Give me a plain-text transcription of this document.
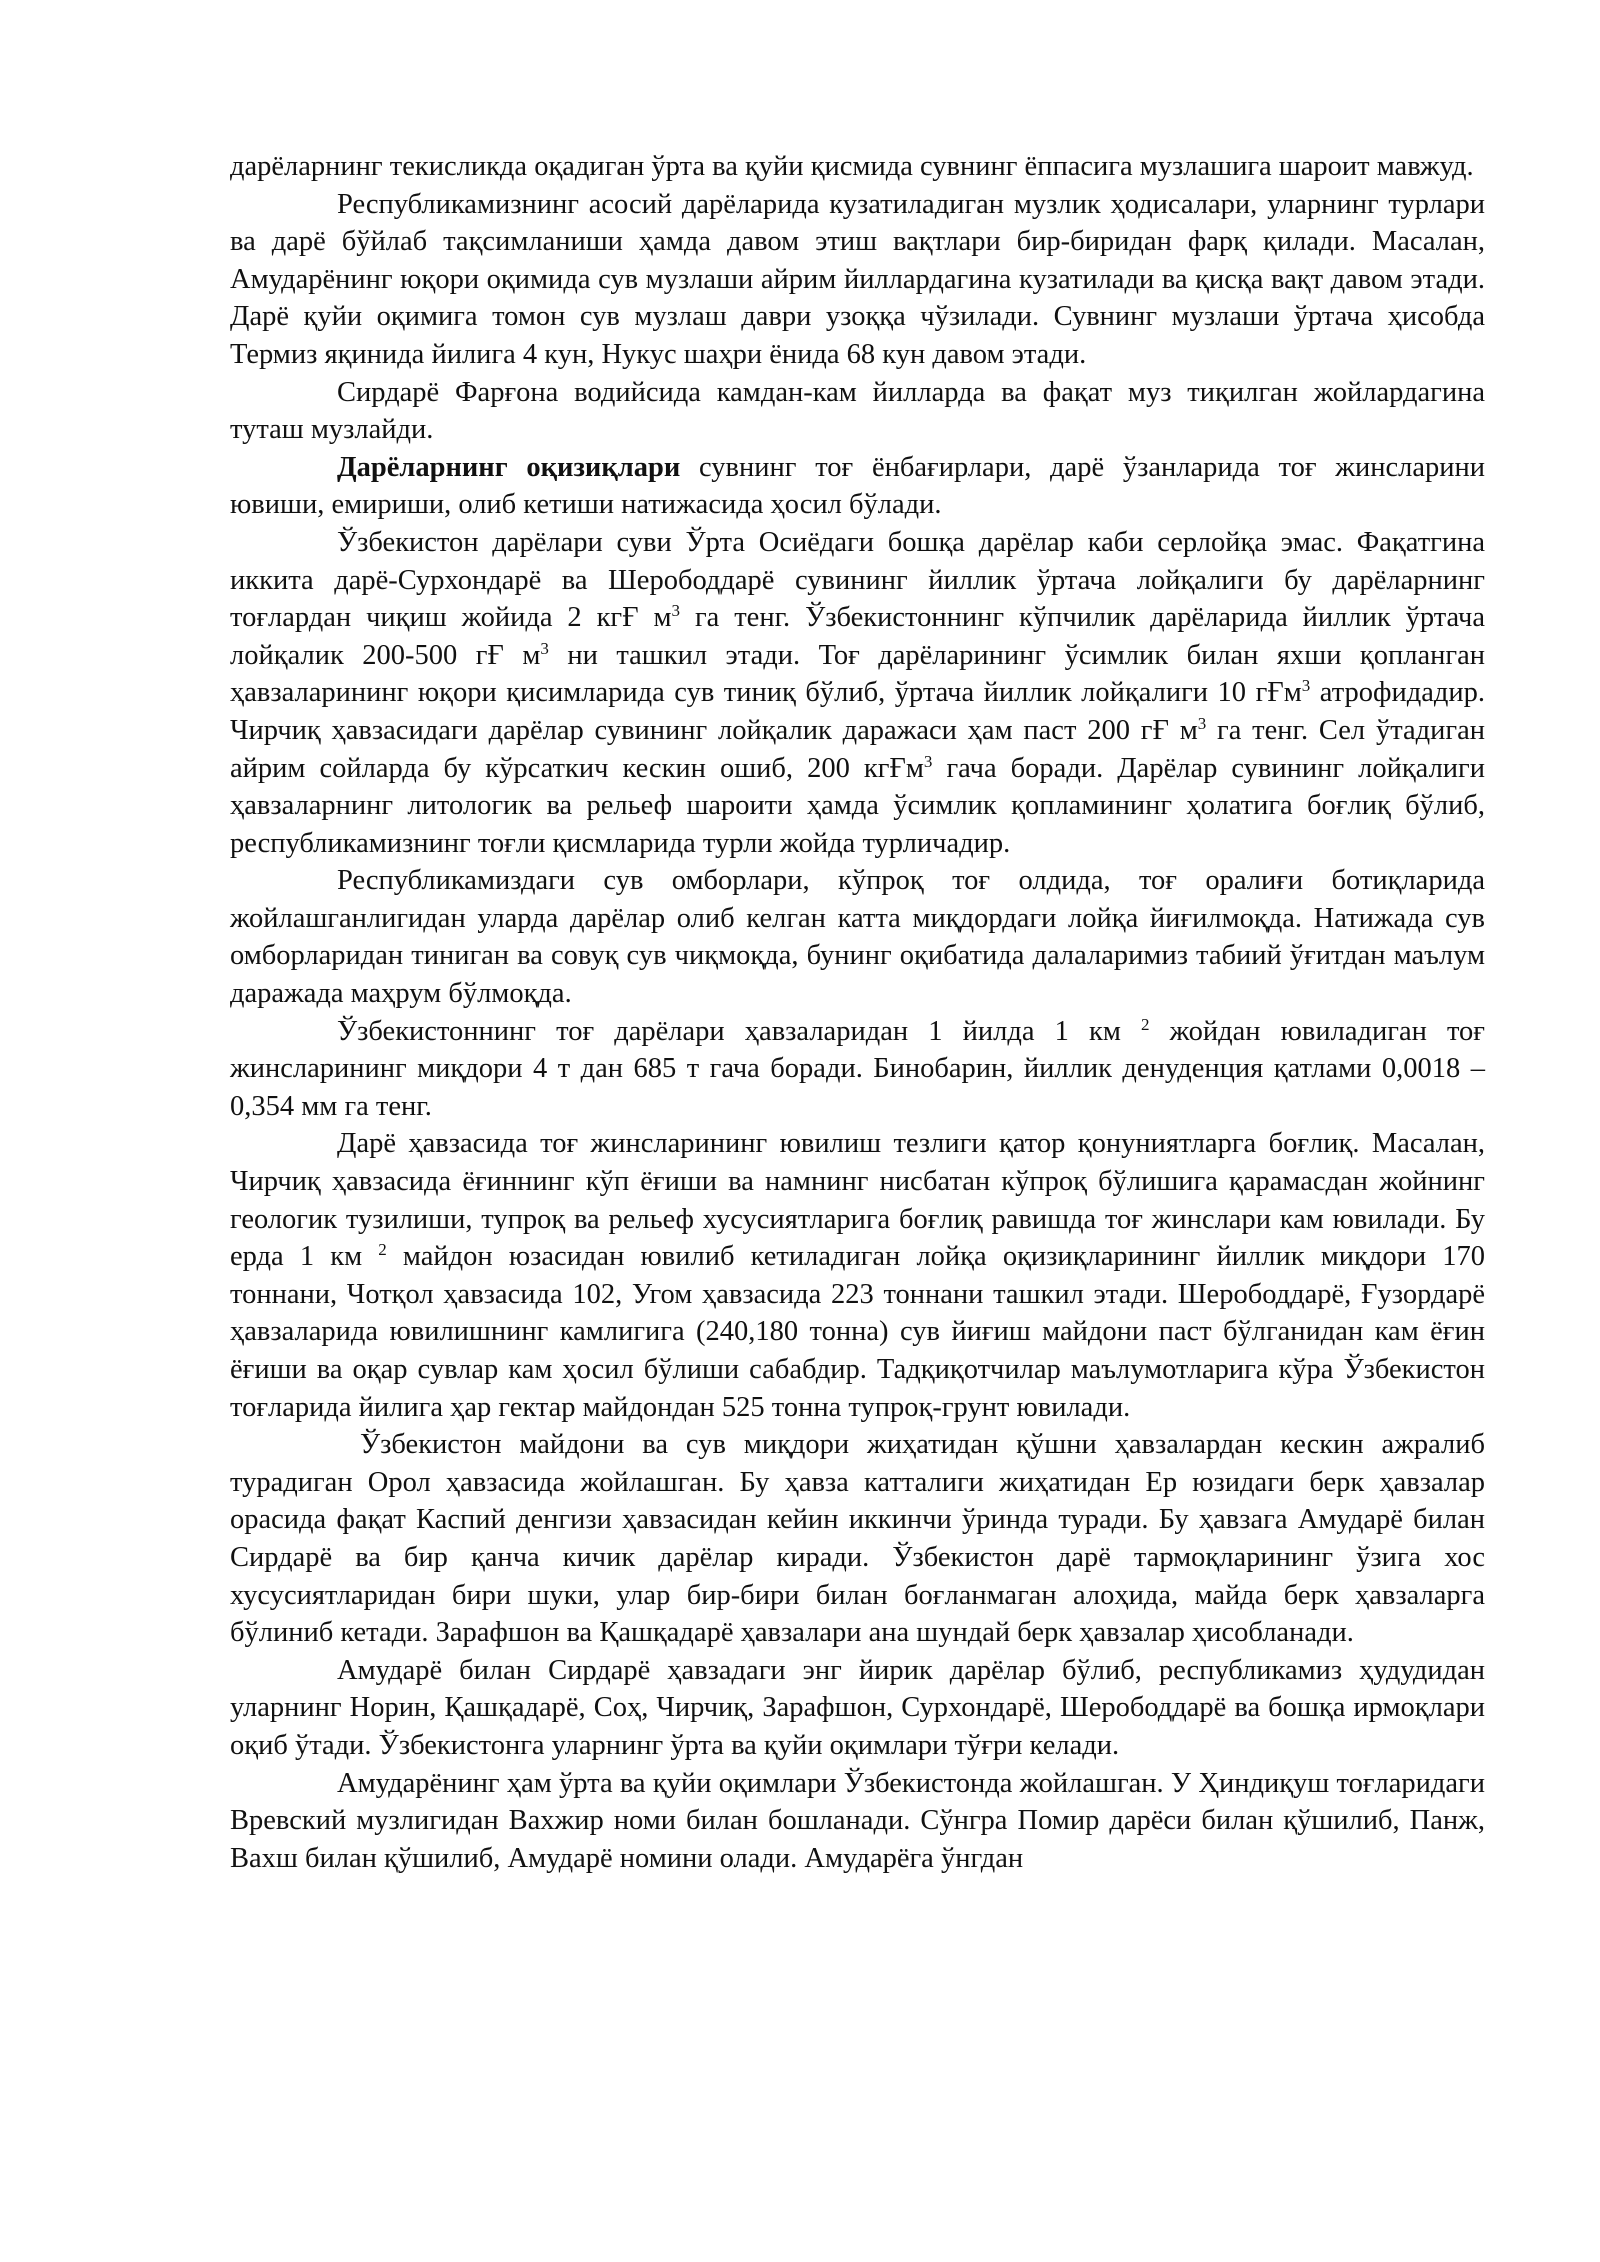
дарёларнинг текисликда оқадиган ўрта ва қуйи қисмида сувнинг ёппасига музлашига шароит мавжуд.

Республикамизнинг асосий дарёларида кузатиладиган музлик ҳодисалари, уларнинг турлари ва дарё бўйлаб тақсимланиши ҳамда давом этиш вақтлари бир-биридан фарқ қилади. Масалан, Амударёнинг юқори оқимида сув музлаши айрим йиллардагина кузатилади ва қисқа вақт давом этади. Дарё қуйи оқимига томон сув музлаш даври узоққа чўзилади. Сувнинг музлаши ўртача ҳисобда Термиз яқинида йилига 4 кун, Нукус шаҳри ёнида 68 кун давом этади.

Сирдарё Фарғона водийсида камдан-кам йилларда ва фақат муз тиқилган жойлардагина туташ музлайди.

Дарёларнинг оқизиқлари сувнинг тоғ ёнбағирлари, дарё ўзанларида тоғ жинсларини ювиши, емириши, олиб кетиши натижасида ҳосил бўлади.

Ўзбекистон дарёлари суви Ўрта Осиёдаги бошқа дарёлар каби серлойқа эмас. Фақатгина иккита дарё-Сурхондарё ва Шерободдарё сувининг йиллик ўртача лойқалиги бу дарёларнинг тоғлардан чиқиш жойида 2 кгҒ $м^3$ га тенг. Ўзбекистоннинг кўпчилик дарёларида йиллик ўртача лойқалик 200-500 гҒ $м^3$ ни ташкил этади. Тоғ дарёларининг ўсимлик билан яхши қопланган ҳавзаларининг юқори қисимларида сув тиниқ бўлиб, ўртача йиллик лойқалиги 10 гҒм$^3$ атрофидадир. Чирчиқ ҳавзасидаги дарёлар сувининг лойқалик даражаси ҳам паст 200 гҒ $м^3$ га тенг. Сел ўтадиган айрим сойларда бу кўрсаткич кескин ошиб, 200 кгҒм$^3$ гача боради. Дарёлар сувининг лойқалиги ҳавзаларнинг литологик ва рельеф шароити ҳамда ўсимлик қопламининг ҳолатига боғлиқ бўлиб, республикамизнинг тоғли қисмларида турли жойда турличадир.

Республикамиздаги сув омборлари, кўпроқ тоғ олдида, тоғ оралиғи ботиқларида жойлашганлигидан уларда дарёлар олиб келган катта миқдордаги лойқа йиғилмоқда. Натижада сув омборларидан тиниган ва совуқ сув чиқмоқда, бунинг оқибатида далаларимиз табиий ўғитдан маълум даражада маҳрум бўлмоқда.

Ўзбекистоннинг тоғ дарёлари ҳавзаларидан 1 йилда 1 км $^2$ жойдан ювиладиган тоғ жинсларининг миқдори 4 т дан 685 т гача боради. Бинобарин, йиллик денуденция қатлами 0,0018 – 0,354 мм га тенг.

Дарё ҳавзасида тоғ жинсларининг ювилиш тезлиги қатор қонуниятларга боғлиқ. Масалан, Чирчиқ ҳавзасида ёғиннинг кўп ёғиши ва намнинг нисбатан кўпроқ бўлишига қарамасдан жойнинг геологик тузилиши, тупроқ ва рельеф хусусиятларига боғлиқ равишда тоғ жинслари кам ювилади. Бу ерда 1 км $^2$ майдон юзасидан ювилиб кетиладиган лойқа оқизиқларининг йиллик миқдори 170 тоннани, Чотқол ҳавзасида 102, Угом ҳавзасида 223 тоннани ташкил этади. Шерободдарё, Ғузордарё ҳавзаларида ювилишнинг камлигига (240,180 тонна) сув йиғиш майдони паст бўлганидан кам ёғин ёғиши ва оқар сувлар кам ҳосил бўлиши сабабдир. Тадқиқотчилар маълумотларига кўра Ўзбекистон тоғларида йилига ҳар гектар майдондан 525 тонна тупроқ-грунт ювилади.

Ўзбекистон майдони ва сув миқдори жиҳатидан қўшни ҳавзалардан кескин ажралиб турадиган Орол ҳавзасида жойлашган. Бу ҳавза катталиги жиҳатидан Ер юзидаги берк ҳавзалар орасида фақат Каспий денгизи ҳавзасидан кейин иккинчи ўринда туради. Бу ҳавзага Амударё билан Сирдарё ва бир қанча кичик дарёлар киради. Ўзбекистон дарё тармоқларининг ўзига хос хусусиятларидан бири шуки, улар бир-бири билан боғланмаган алоҳида, майда берк ҳавзаларга бўлиниб кетади. Зарафшон ва Қашқадарё ҳавзалари ана шундай берк ҳавзалар ҳисобланади.

Амударё билан Сирдарё ҳавзадаги энг йирик дарёлар бўлиб, республикамиз ҳудудидан уларнинг Норин, Қашқадарё, Соҳ, Чирчиқ, Зарафшон, Сурхондарё, Шерободдарё ва бошқа ирмоқлари оқиб ўтади. Ўзбекистонга уларнинг ўрта ва қуйи оқимлари тўғри келади.

Амударёнинг ҳам ўрта ва қуйи оқимлари Ўзбекистонда жойлашган. У Ҳиндиқуш тоғларидаги Вревский музлигидан Вахжир номи билан бошланади. Сўнгра Помир дарёси билан қўшилиб, Панж, Вахш билан қўшилиб, Амударё номини олади. Амударёга ўнгдан
